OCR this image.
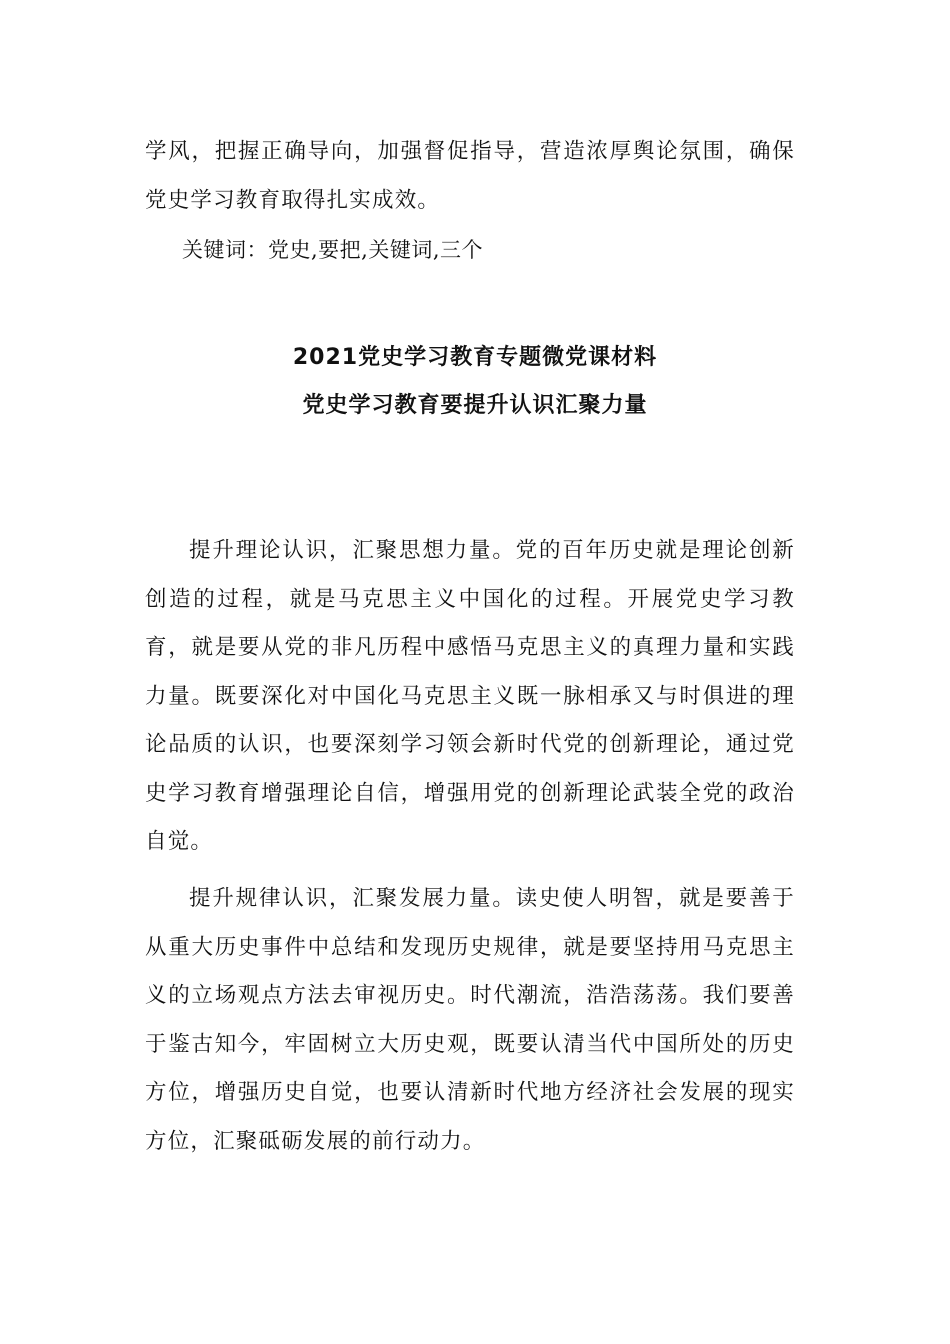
学风，把握正确导向，加强督促指导，营造浓厚舆论氛围，确保党史学习教育取得扎实成效。

关键词：党史,要把,关键词,三个

2021党史学习教育专题微党课材料
党史学习教育要提升认识汇聚力量

提升理论认识，汇聚思想力量。党的百年历史就是理论创新创造的过程，就是马克思主义中国化的过程。开展党史学习教育，就是要从党的非凡历程中感悟马克思主义的真理力量和实践力量。既要深化对中国化马克思主义既一脉相承又与时俱进的理论品质的认识，也要深刻学习领会新时代党的创新理论，通过党史学习教育增强理论自信，增强用党的创新理论武装全党的政治自觉。

提升规律认识，汇聚发展力量。读史使人明智，就是要善于从重大历史事件中总结和发现历史规律，就是要坚持用马克思主义的立场观点方法去审视历史。时代潮流，浩浩荡荡。我们要善于鉴古知今，牢固树立大历史观，既要认清当代中国所处的历史方位，增强历史自觉，也要认清新时代地方经济社会发展的现实方位，汇聚砥砺发展的前行动力。
